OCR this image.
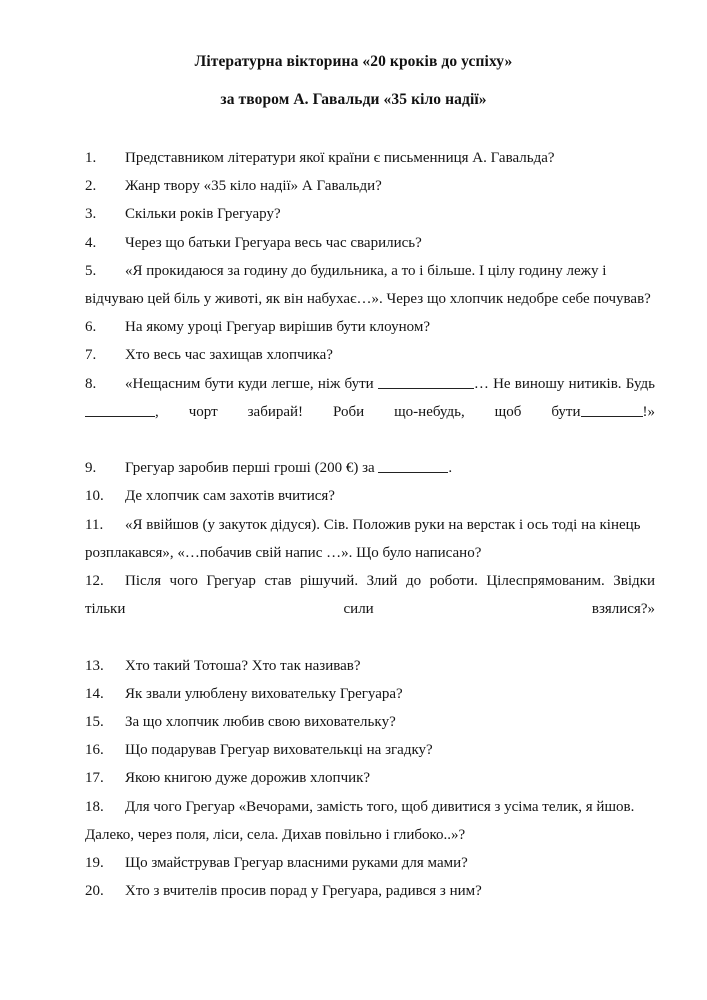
Літературна вікторина «20 кроків до успіху»
за твором А. Гавальди «35 кіло надії»

1. Представником літератури якої країни є письменниця А. Гавальда?

2. Жанр твору «35 кіло надії» А Гавальди?

3. Скільки років Грегуару?

4. Через що батьки Грегуара весь час сварились?

5. «Я прокидаюся за годину до будильника, а то і більше. І цілу годину лежу і відчуваю цей біль у животі, як він набухає…». Через що хлопчик недобре себе почував?

6. На якому уроці Грегуар вирішив бути клоуном?

7. Хто весь час захищав хлопчика?

8. «Нещасним бути куди легше, ніж бути	… Не виношу нитиків. Будь, чорт забирай! Роби що-небудь, щоб бути	!»

9. Грегуар заробив перші гроші (200 €) за	.

10. Де хлопчик сам захотів вчитися?

11. «Я ввійшов (у закуток дідуся). Сів. Положив руки на верстак і ось тоді на кінець розплакався», «…побачив свій напис …». Що було написано?

12. Після чого Грегуар став рішучий. Злий до роботи. Цілеспрямованим. Звідки тільки сили взялися?»

13. Хто такий Тотоша? Хто так називав?

14. Як звали улюблену вихователькy Грегуара?

15. За що хлопчик любив свою вихователькy?

16. Що подарував Грегуар вихователькці на згадку?

17. Якою книгою дуже дорожив хлопчик?

18. Для чого Грегуар «Вечорами, замість того, щоб дивитися з усіма телик, я йшов. Далеко, через поля, ліси, села. Дихав повільно і глибоко..»?

19. Що змайстрував Грегуар власними руками для мами?

20. Хто з вчителів просив порад у Грегуара, радився з ним?
